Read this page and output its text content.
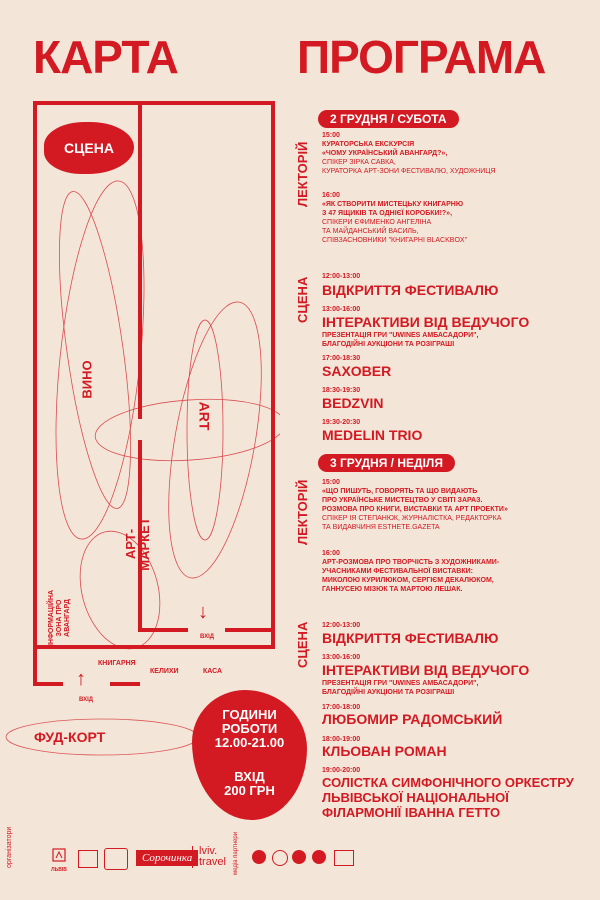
КАРТА	ПРОГРАМА
СЦЕНА
ВИНО
ART
АРТ- МАРКЕТ
ІНФОРМАЦІЙНА ЗОНА ПРО АВАНГАРД
КНИГАРНЯ
↓
ВХІД
↑
ВХІД
КЕЛИХИ	КАСА
ФУД-КОРТ
ГОДИНИ
РОБОТИ
12.00-21.00
ВХІД
200 ГРН
2 ГРУДНЯ / СУБОТА
ЛЕКТОРІЙ
15:00
КУРАТОРСЬКА ЕКСКУРСІЯ
«ЧОМУ УКРАЇНСЬКИЙ АВАНГАРД?»,
СПІКЕР ЗІРКА САВКА,
КУРАТОРКА АРТ-ЗОНИ ФЕСТИВАЛЮ, ХУДОЖНИЦЯ
16:00
«ЯК СТВОРИТИ МИСТЕЦЬКУ КНИГАРНЮ
З 47 ЯЩИКІВ ТА ОДНІЄЇ КОРОБКИ!?»,
СПІКЕРИ ЄФИМЕНКО АНГЕЛІНА
ТА МАЙДАНСЬКИЙ ВАСИЛЬ,
СПІВЗАСНОВНИКИ "КНИГАРНІ BLACKBOX"
СЦЕНА
12:00-13:00
ВІДКРИТТЯ ФЕСТИВАЛЮ
13:00-16:00
ІНТЕРАКТИВИ ВІД ВЕДУЧОГО
ПРЕЗЕНТАЦІЯ ГРИ "UWINES АМБАСАДОРИ",
БЛАГОДІЙНІ АУКЦІОНИ ТА РОЗІГРАШІ
17:00-18:30
SAXOBER
18:30-19:30
BEDZVIN
19:30-20:30
MEDELIN TRIO
3 ГРУДНЯ / НЕДІЛЯ
ЛЕКТОРІЙ 15:00
«ЩО ПИШУТЬ, ГОВОРЯТЬ ТА ЩО ВИДАЮТЬ
ПРО УКРАЇНСЬКЕ МИСТЕЦТВО У СВІТІ ЗАРАЗ.
РОЗМОВА ПРО КНИГИ, ВИСТАВКИ ТА АРТ ПРОЕКТИ»
СПІКЕР ІЯ СТЕПАНЮК, ЖУРНАЛІСТКА, РЕДАКТОРКА
ТА ВИДАВЧИНЯ ESTHETE.GAZETA
16:00
АРТ-РОЗМОВА ПРО ТВОРЧІСТЬ З ХУДОЖНИКАМИ-
УЧАСНИКАМИ ФЕСТИВАЛЬНОЇ ВИСТАВКИ:
МИКОЛОЮ КУРИЛЮКОМ, СЕРГІЄМ ДЕКАЛЮКОМ,
ГАННУСЕЮ МІЗЮК ТА МАРТОЮ ЛЕШАК.
СЦЕНА 12:00-13:00
ВІДКРИТТЯ ФЕСТИВАЛЮ
13:00-16:00
ІНТЕРАКТИВИ ВІД ВЕДУЧОГО
ПРЕЗЕНТАЦІЯ ГРИ "UWINES АМБАСАДОРИ",
БЛАГОДІЙНІ АУКЦІОНИ ТА РОЗІГРАШІ
17:00-18:00
ЛЮБОМИР РАДОМСЬКИЙ
18:00-19:00
КЛЬОВАН РОМАН
19:00-20:00
СОЛІСТКА СИМФОНІЧНОГО ОРКЕСТРУ
ЛЬВІВСЬКОЇ НАЦІОНАЛЬНОЇ
ФІЛАРМОНІЇ ІВАННА ГЕТТО
організатори
ЛЬВІВ
Сорочинка
lviv.
travel медіа партнери
